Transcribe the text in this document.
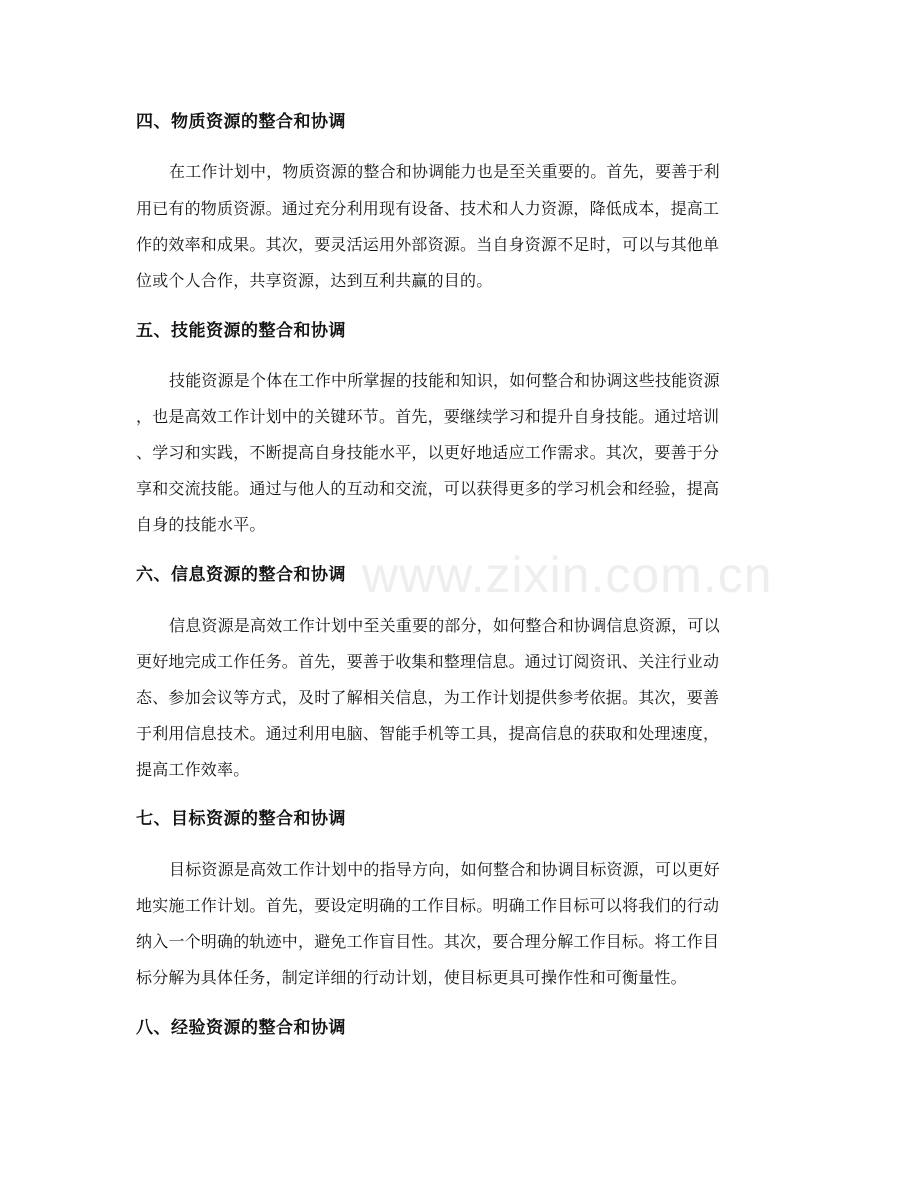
四、物质资源的整合和协调

在工作计划中，物质资源的整合和协调能力也是至关重要的。首先，要善于利

用已有的物质资源。通过充分利用现有设备、技术和人力资源，降低成本，提高工

作的效率和成果。其次，要灵活运用外部资源。当自身资源不足时，可以与其他单

位或个人合作，共享资源，达到互利共赢的目的。

五、技能资源的整合和协调

技能资源是个体在工作中所掌握的技能和知识，如何整合和协调这些技能资源

，也是高效工作计划中的关键环节。首先，要继续学习和提升自身技能。通过培训

、学习和实践，不断提高自身技能水平，以更好地适应工作需求。其次，要善于分

享和交流技能。通过与他人的互动和交流，可以获得更多的学习机会和经验，提高

自身的技能水平。

六、信息资源的整合和协调

信息资源是高效工作计划中至关重要的部分，如何整合和协调信息资源，可以

更好地完成工作任务。首先，要善于收集和整理信息。通过订阅资讯、关注行业动

态、参加会议等方式，及时了解相关信息，为工作计划提供参考依据。其次，要善

于利用信息技术。通过利用电脑、智能手机等工具，提高信息的获取和处理速度，

提高工作效率。

七、目标资源的整合和协调

目标资源是高效工作计划中的指导方向，如何整合和协调目标资源，可以更好

地实施工作计划。首先，要设定明确的工作目标。明确工作目标可以将我们的行动

纳入一个明确的轨迹中，避免工作盲目性。其次，要合理分解工作目标。将工作目

标分解为具体任务，制定详细的行动计划，使目标更具可操作性和可衡量性。

八、经验资源的整合和协调
www.zixin.com.cn
